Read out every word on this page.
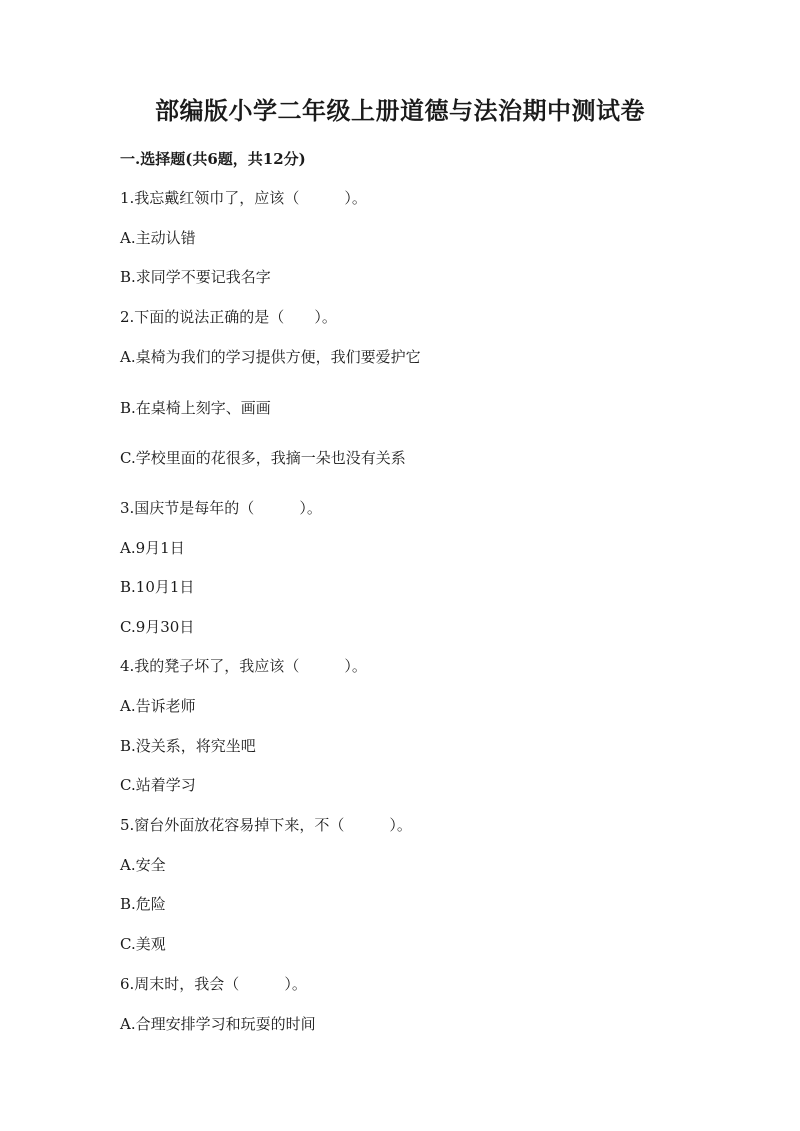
部编版小学二年级上册道德与法治期中测试卷
一.选择题(共6题，共12分)
1.我忘戴红领巾了，应该（　　　）。
A.主动认错
B.求同学不要记我名字
2.下面的说法正确的是（　　）。
A.桌椅为我们的学习提供方便，我们要爱护它
B.在桌椅上刻字、画画
C.学校里面的花很多，我摘一朵也没有关系
3.国庆节是每年的（　　　）。
A.9月1日
B.10月1日
C.9月30日
4.我的凳子坏了，我应该（　　　）。
A.告诉老师
B.没关系，将究坐吧
C.站着学习
5.窗台外面放花容易掉下来，不（　　　）。
A.安全
B.危险
C.美观
6.周末时，我会（　　　）。
A.合理安排学习和玩耍的时间
